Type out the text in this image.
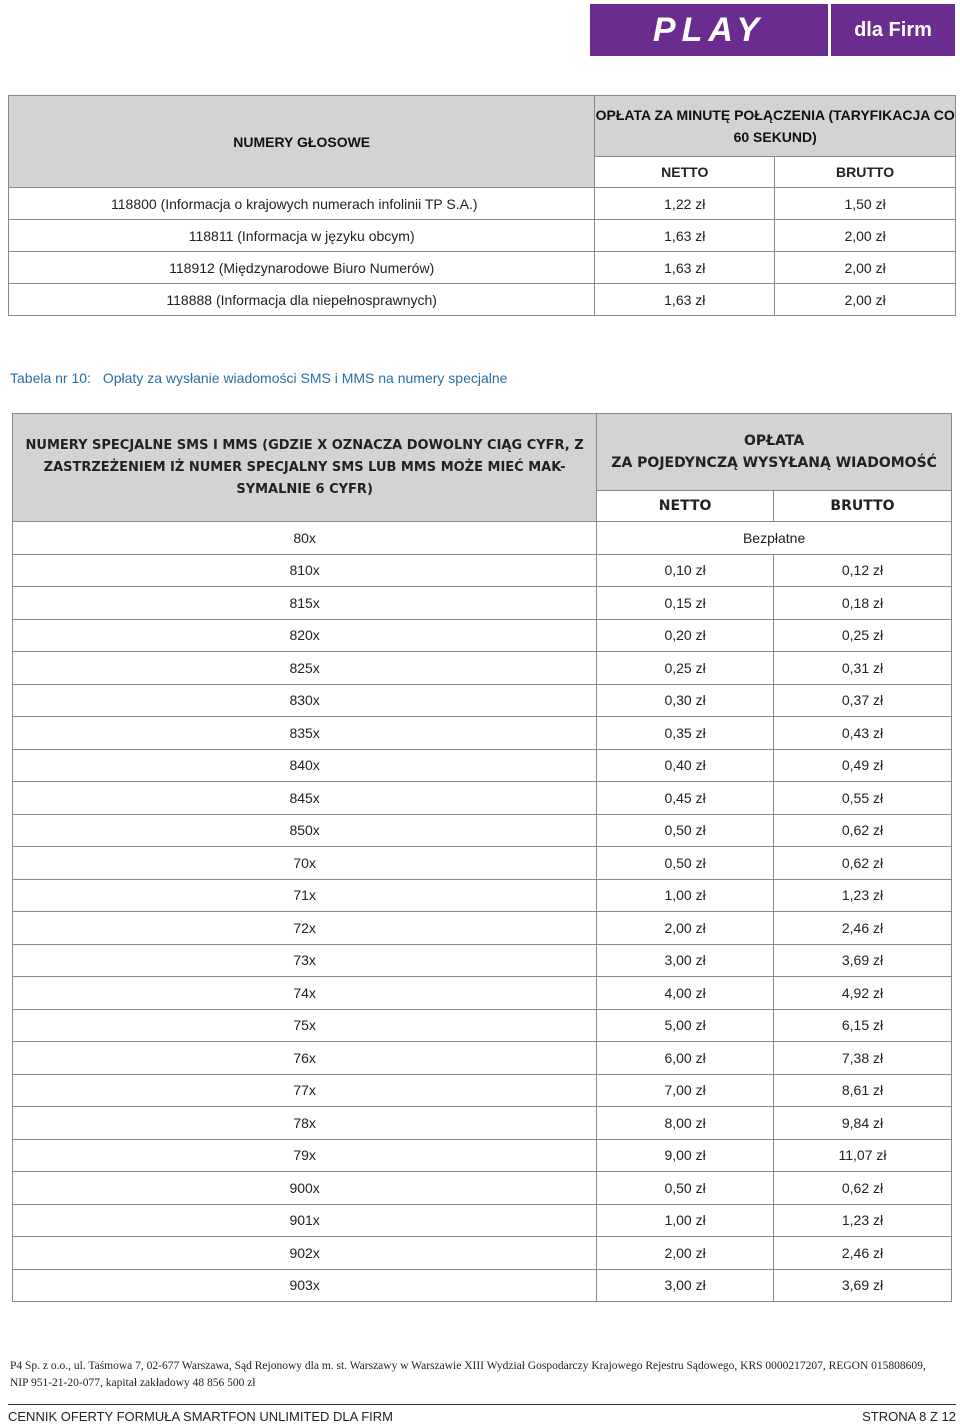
PLAY	dla Firm
NUMERY GŁOSOWE	OPŁATA ZA MINUTĘ POŁĄCZENIA (TARYFIKACJA CO 60 SEKUND)	
	NETTO	BRUTTO
118800 (Informacja o krajowych numerach infolinii TP S.A.)	1,22 zł	1,50 zł
118811 (Informacja w języku obcym)	1,63 zł	2,00 zł
118912 (Międzynarodowe Biuro Numerów)	1,63 zł	2,00 zł
118888 (Informacja dla niepełnosprawnych)	1,63 zł	2,00 zł
Tabela nr 10: Opłaty za wysłanie wiadomości SMS i MMS na numery specjalne
NUMERY SPECJALNE SMS I MMS (GDZIE X OZNACZA DOWOLNY CIĄG CYFR, Z ZASTRZEŻENIEM IŻ NUMER SPECJALNY SMS LUB MMS MOŻE MIEĆ MAK-SYMALNIE 6 CYFR)	OPŁATA
ZA POJEDYNCZĄ WYSYŁANĄ WIADOMOŚĆ	

	NETTO	BRUTTO
80x	Bezpłatne	
810x	0,10 zł	0,12 zł
815x	0,15 zł	0,18 zł
820x	0,20 zł	0,25 zł
825x	0,25 zł	0,31 zł
830x	0,30 zł	0,37 zł
835x	0,35 zł	0,43 zł
840x	0,40 zł	0,49 zł
845x	0,45 zł	0,55 zł
850x	0,50 zł	0,62 zł
70x	0,50 zł	0,62 zł
71x	1,00 zł	1,23 zł
72x	2,00 zł	2,46 zł
73x	3,00 zł	3,69 zł
74x	4,00 zł	4,92 zł
75x	5,00 zł	6,15 zł
76x	6,00 zł	7,38 zł
77x	7,00 zł	8,61 zł
78x	8,00 zł	9,84 zł
79x	9,00 zł	11,07 zł
900x	0,50 zł	0,62 zł
901x	1,00 zł	1,23 zł
902x	2,00 zł	2,46 zł
903x	3,00 zł	3,69 zł
P4 Sp. z o.o., ul. Taśmowa 7, 02-677 Warszawa, Sąd Rejonowy dla m. st. Warszawy w Warszawie XIII Wydział Gospodarczy Krajowego Rejestru Sądowego, KRS 0000217207, REGON 015808609,
NIP 951-21-20-077, kapitał zakładowy 48 856 500 zł
CENNIK OFERTY FORMUŁA SMARTFON UNLIMITED DLA FIRM	STRONA 8 Z 12
